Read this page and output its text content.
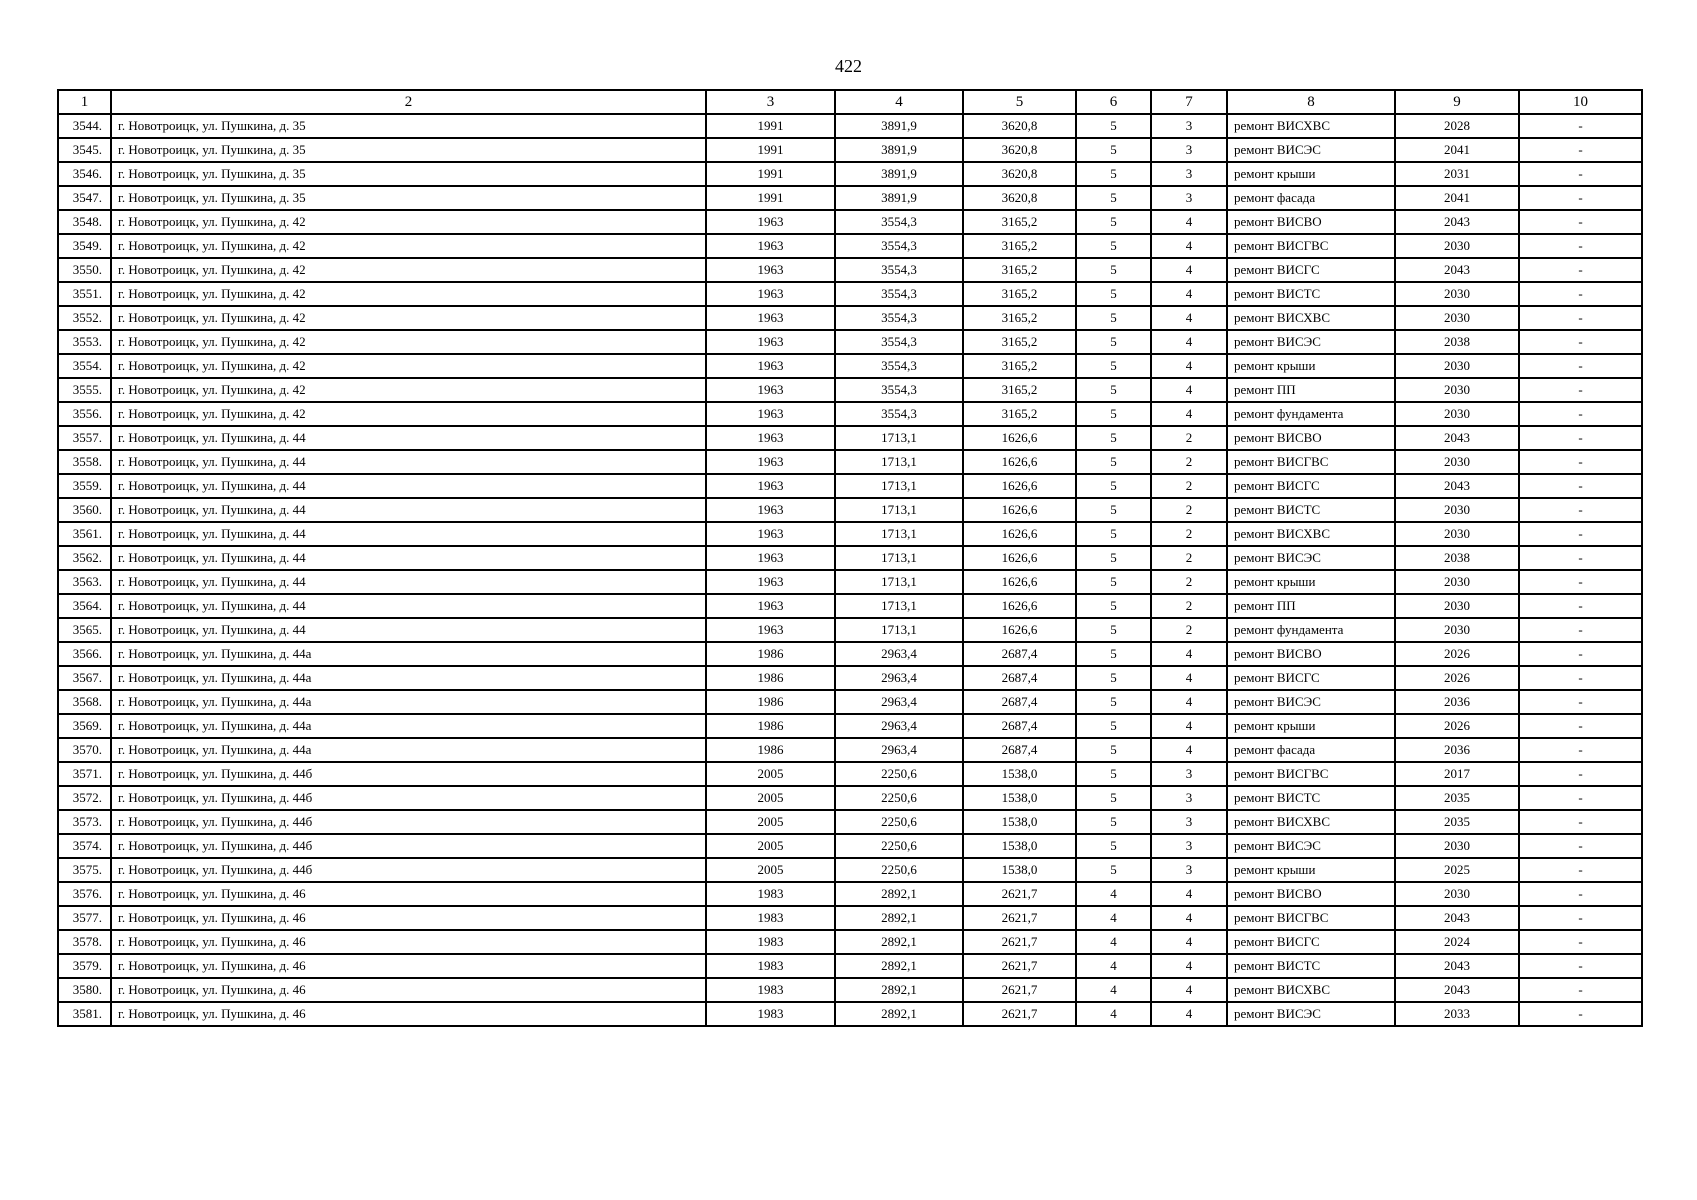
422
1	2	3	4	5	6	7	8	9	10
3544.	г. Новотроицк, ул. Пушкина, д. 35	1991	3891,9	3620,8	5	3	ремонт ВИСХВС	2028	-
3545.	г. Новотроицк, ул. Пушкина, д. 35	1991	3891,9	3620,8	5	3	ремонт ВИСЭС	2041	-
3546.	г. Новотроицк, ул. Пушкина, д. 35	1991	3891,9	3620,8	5	3	ремонт крыши	2031	-
3547.	г. Новотроицк, ул. Пушкина, д. 35	1991	3891,9	3620,8	5	3	ремонт фасада	2041	-
3548.	г. Новотроицк, ул. Пушкина, д. 42	1963	3554,3	3165,2	5	4	ремонт ВИСВО	2043	-
3549.	г. Новотроицк, ул. Пушкина, д. 42	1963	3554,3	3165,2	5	4	ремонт ВИСГВС	2030	-
3550.	г. Новотроицк, ул. Пушкина, д. 42	1963	3554,3	3165,2	5	4	ремонт ВИСГС	2043	-
3551.	г. Новотроицк, ул. Пушкина, д. 42	1963	3554,3	3165,2	5	4	ремонт ВИСТС	2030	-
3552.	г. Новотроицк, ул. Пушкина, д. 42	1963	3554,3	3165,2	5	4	ремонт ВИСХВС	2030	-
3553.	г. Новотроицк, ул. Пушкина, д. 42	1963	3554,3	3165,2	5	4	ремонт ВИСЭС	2038	-
3554.	г. Новотроицк, ул. Пушкина, д. 42	1963	3554,3	3165,2	5	4	ремонт крыши	2030	-
3555.	г. Новотроицк, ул. Пушкина, д. 42	1963	3554,3	3165,2	5	4	ремонт ПП	2030	-
3556.	г. Новотроицк, ул. Пушкина, д. 42	1963	3554,3	3165,2	5	4	ремонт фундамента	2030	-
3557.	г. Новотроицк, ул. Пушкина, д. 44	1963	1713,1	1626,6	5	2	ремонт ВИСВО	2043	-
3558.	г. Новотроицк, ул. Пушкина, д. 44	1963	1713,1	1626,6	5	2	ремонт ВИСГВС	2030	-
3559.	г. Новотроицк, ул. Пушкина, д. 44	1963	1713,1	1626,6	5	2	ремонт ВИСГС	2043	-
3560.	г. Новотроицк, ул. Пушкина, д. 44	1963	1713,1	1626,6	5	2	ремонт ВИСТС	2030	-
3561.	г. Новотроицк, ул. Пушкина, д. 44	1963	1713,1	1626,6	5	2	ремонт ВИСХВС	2030	-
3562.	г. Новотроицк, ул. Пушкина, д. 44	1963	1713,1	1626,6	5	2	ремонт ВИСЭС	2038	-
3563.	г. Новотроицк, ул. Пушкина, д. 44	1963	1713,1	1626,6	5	2	ремонт крыши	2030	-
3564.	г. Новотроицк, ул. Пушкина, д. 44	1963	1713,1	1626,6	5	2	ремонт ПП	2030	-
3565.	г. Новотроицк, ул. Пушкина, д. 44	1963	1713,1	1626,6	5	2	ремонт фундамента	2030	-
3566.	г. Новотроицк, ул. Пушкина, д. 44а	1986	2963,4	2687,4	5	4	ремонт ВИСВО	2026	-
3567.	г. Новотроицк, ул. Пушкина, д. 44а	1986	2963,4	2687,4	5	4	ремонт ВИСГС	2026	-
3568.	г. Новотроицк, ул. Пушкина, д. 44а	1986	2963,4	2687,4	5	4	ремонт ВИСЭС	2036	-
3569.	г. Новотроицк, ул. Пушкина, д. 44а	1986	2963,4	2687,4	5	4	ремонт крыши	2026	-
3570.	г. Новотроицк, ул. Пушкина, д. 44а	1986	2963,4	2687,4	5	4	ремонт фасада	2036	-
3571.	г. Новотроицк, ул. Пушкина, д. 44б	2005	2250,6	1538,0	5	3	ремонт ВИСГВС	2017	-
3572.	г. Новотроицк, ул. Пушкина, д. 44б	2005	2250,6	1538,0	5	3	ремонт ВИСТС	2035	-
3573.	г. Новотроицк, ул. Пушкина, д. 44б	2005	2250,6	1538,0	5	3	ремонт ВИСХВС	2035	-
3574.	г. Новотроицк, ул. Пушкина, д. 44б	2005	2250,6	1538,0	5	3	ремонт ВИСЭС	2030	-
3575.	г. Новотроицк, ул. Пушкина, д. 44б	2005	2250,6	1538,0	5	3	ремонт крыши	2025	-
3576.	г. Новотроицк, ул. Пушкина, д. 46	1983	2892,1	2621,7	4	4	ремонт ВИСВО	2030	-
3577.	г. Новотроицк, ул. Пушкина, д. 46	1983	2892,1	2621,7	4	4	ремонт ВИСГВС	2043	-
3578.	г. Новотроицк, ул. Пушкина, д. 46	1983	2892,1	2621,7	4	4	ремонт ВИСГС	2024	-
3579.	г. Новотроицк, ул. Пушкина, д. 46	1983	2892,1	2621,7	4	4	ремонт ВИСТС	2043	-
3580.	г. Новотроицк, ул. Пушкина, д. 46	1983	2892,1	2621,7	4	4	ремонт ВИСХВС	2043	-
3581.	г. Новотроицк, ул. Пушкина, д. 46	1983	2892,1	2621,7	4	4	ремонт ВИСЭС	2033	-
